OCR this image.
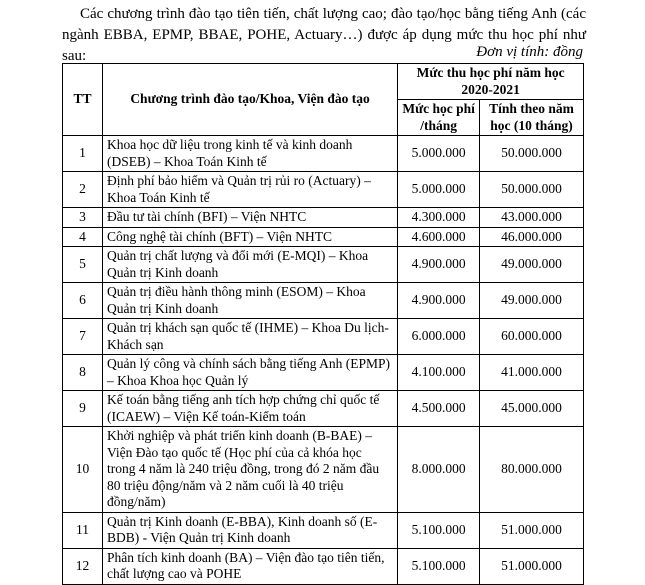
Các chương trình đào tạo tiên tiến, chất lượng cao; đào tạo/học bằng tiếng Anh (các ngành EBBA, EPMP, BBAE, POHE, Actuary…) được áp dụng mức thu học phí như sau:	Đơn vị tính: đồng
TT	Chương trình đào tạo/Khoa, Viện đào tạo	Mức thu học phí năm học 2020-2021	
		Mức học phí /tháng	Tính theo năm học (10 tháng)
1	Khoa học dữ liệu trong kinh tế và kinh doanh (DSEB) – Khoa Toán Kinh tế	5.000.000	50.000.000
2	Định phí bảo hiểm và Quản trị rủi ro (Actuary) – Khoa Toán Kinh tế	5.000.000	50.000.000
3	Đầu tư tài chính (BFI) – Viện NHTC	4.300.000	43.000.000
4	Công nghệ tài chính (BFT) – Viện NHTC	4.600.000	46.000.000
5	Quản trị chất lượng và đổi mới (E-MQI) – Khoa Quản trị Kinh doanh	4.900.000	49.000.000
6	Quản trị điều hành thông minh (ESOM) – Khoa Quản trị Kinh doanh	4.900.000	49.000.000
7	Quản trị khách sạn quốc tế (IHME) – Khoa Du lịch-Khách sạn	6.000.000	60.000.000
8	Quản lý công và chính sách bằng tiếng Anh (EPMP) – Khoa Khoa học Quản lý	4.100.000	41.000.000
9	Kế toán bằng tiếng anh tích hợp chứng chỉ quốc tế (ICAEW) – Viện Kế toán-Kiểm toán	4.500.000	45.000.000
10	Khởi nghiệp và phát triển kinh doanh (B-BAE) – Viện Đào tạo quốc tế (Học phí của cả khóa học trong 4 năm là 240 triệu đồng, trong đó 2 năm đầu 80 triệu động/năm và 2 năm cuối là 40 triệu đồng/năm)	8.000.000	80.000.000
11	Quản trị Kinh doanh (E-BBA), Kinh doanh số (E-BDB) - Viện Quản trị Kinh doanh	5.100.000	51.000.000
12	Phân tích kinh doanh (BA) – Viện đào tạo tiên tiến, chất lượng cao và POHE	5.100.000	51.000.000
